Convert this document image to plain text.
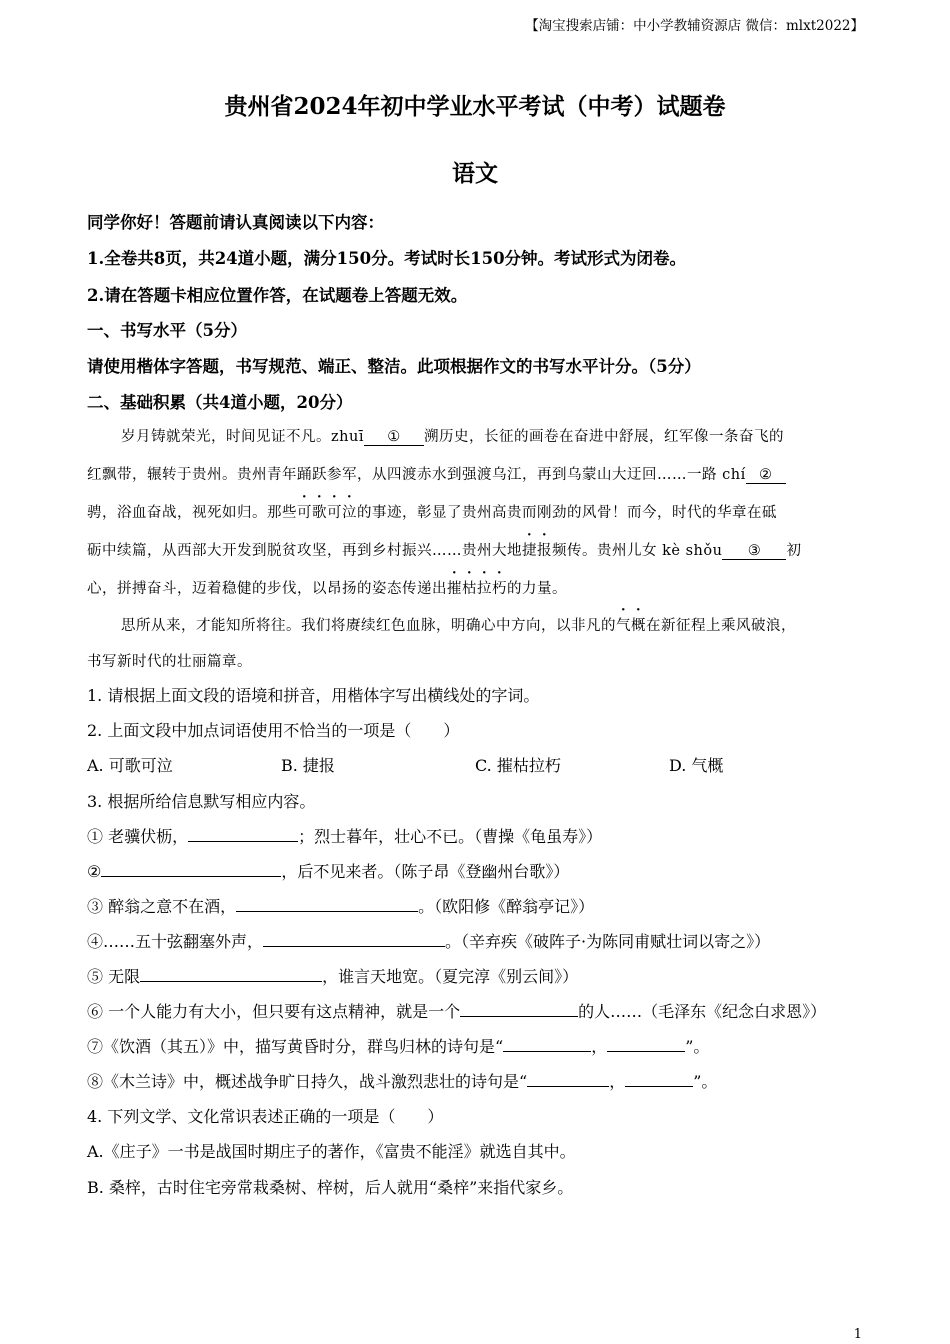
【淘宝搜索店铺：中小学教辅资源店 微信：mlxt2022】
贵州省2024年初中学业水平考试（中考）试题卷
语文
同学你好！答题前请认真阅读以下内容：
1.全卷共8页，共24道小题，满分150分。考试时长150分钟。考试形式为闭卷。
2.请在答题卡相应位置作答，在试题卷上答题无效。
一、书写水平（5分）
请使用楷体字答题，书写规范、端正、整洁。此项根据作文的书写水平计分。（5分）
二、基础积累（共4道小题，20分）
岁月铸就荣光，时间见证不凡。zhuī ① 溯历史，长征的画卷在奋进中舒展，红军像一条奋飞的
红飘带，辗转于贵州。贵州青年踊跃参军，从四渡赤水到强渡乌江，再到乌蒙山大迂回……一路 chí ②
骋，浴血奋战，视死如归。那些可歌可泣的事迹，彰显了贵州高贵而刚劲的风骨！而今，时代的华章在砥
砺中续篇，从西部大开发到脱贫攻坚，再到乡村振兴……贵州大地捷报频传。贵州儿女 kè shǒu ③ 初
心，拼搏奋斗，迈着稳健的步伐，以昂扬的姿态传递出摧枯拉朽的力量。
思所从来，才能知所将往。我们将赓续红色血脉，明确心中方向，以非凡的气概在新征程上乘风破浪，
书写新时代的壮丽篇章。
1. 请根据上面文段的语境和拼音，用楷体字写出横线处的字词。
2. 上面文段中加点词语使用不恰当的一项是（　　）
A. 可歌可泣	B. 捷报	C. 摧枯拉朽	D. 气概
3. 根据所给信息默写相应内容。
① 老骥伏枥，	；烈士暮年，壮心不已。（曹操《龟虽寿》）
②	，后不见来者。（陈子昂《登幽州台歌》）
③ 醉翁之意不在酒，	。（欧阳修《醉翁亭记》）
④……五十弦翻塞外声，	。（辛弃疾《破阵子·为陈同甫赋壮词以寄之》）
⑤ 无限	，谁言天地宽。（夏完淳《别云间》）
⑥ 一个人能力有大小，但只要有这点精神，就是一个	的人……（毛泽东《纪念白求恩》）
⑦《饮酒（其五）》中，描写黄昏时分，群鸟归林的诗句是“	，	”。
⑧《木兰诗》中，概述战争旷日持久，战斗激烈悲壮的诗句是“	，	”。
4. 下列文学、文化常识表述正确的一项是（　　）
A.《庄子》一书是战国时期庄子的著作，《富贵不能淫》就选自其中。
B. 桑梓，古时住宅旁常栽桑树、梓树，后人就用“桑梓”来指代家乡。
1
